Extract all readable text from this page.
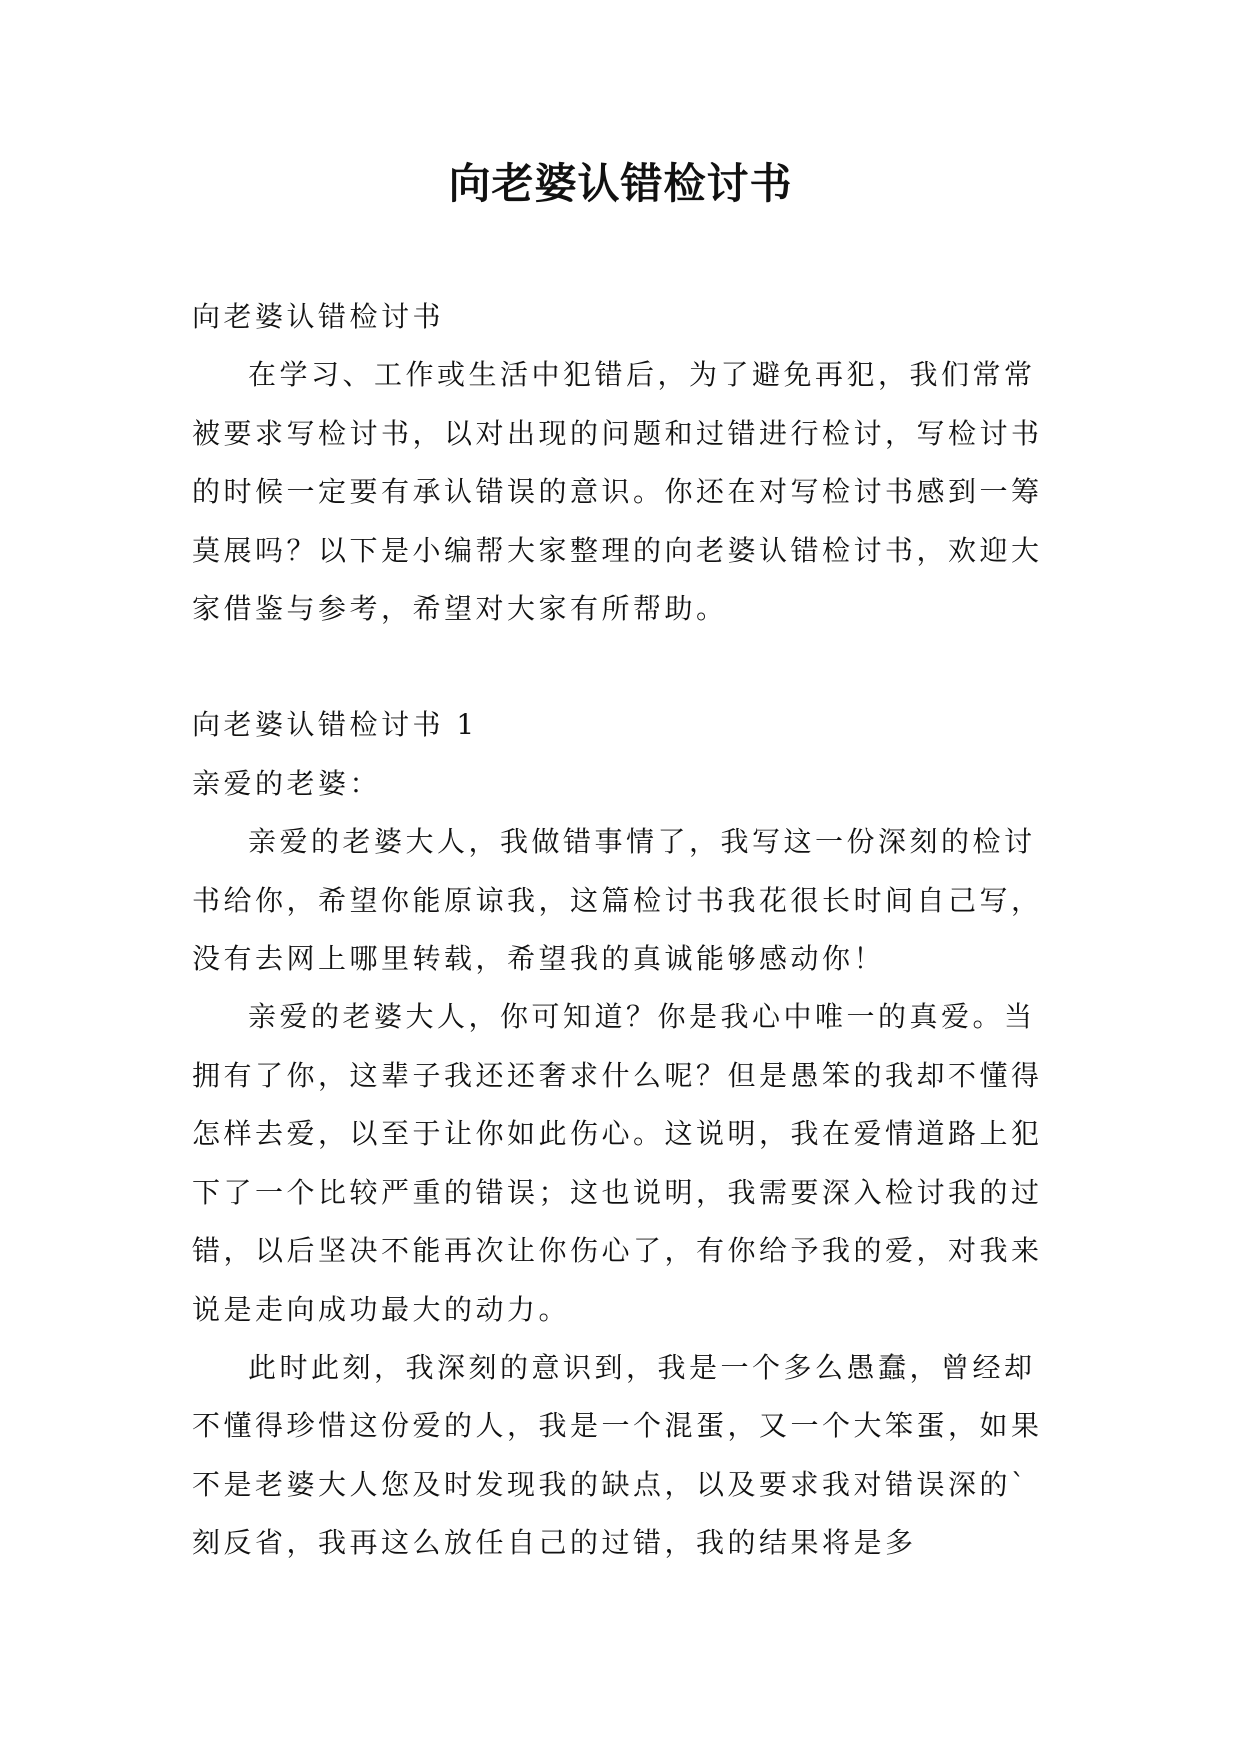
向老婆认错检讨书

向老婆认错检讨书

在学习、工作或生活中犯错后，为了避免再犯，我们常常被要求写检讨书，以对出现的问题和过错进行检讨，写检讨书的时候一定要有承认错误的意识。你还在对写检讨书感到一筹莫展吗？以下是小编帮大家整理的向老婆认错检讨书，欢迎大家借鉴与参考，希望对大家有所帮助。

向老婆认错检讨书 1

亲爱的老婆：

亲爱的老婆大人，我做错事情了，我写这一份深刻的检讨书给你，希望你能原谅我，这篇检讨书我花很长时间自己写，没有去网上哪里转载，希望我的真诚能够感动你！

亲爱的老婆大人，你可知道？你是我心中唯一的真爱。当拥有了你，这辈子我还还奢求什么呢？但是愚笨的我却不懂得怎样去爱，以至于让你如此伤心。这说明，我在爱情道路上犯下了一个比较严重的错误；这也说明，我需要深入检讨我的过错，以后坚决不能再次让你伤心了，有你给予我的爱，对我来说是走向成功最大的动力。

此时此刻，我深刻的意识到，我是一个多么愚蠢，曾经却不懂得珍惜这份爱的人，我是一个混蛋，又一个大笨蛋，如果不是老婆大人您及时发现我的缺点，以及要求我对错误深的`刻反省，我再这么放任自己的过错，我的结果将是多
